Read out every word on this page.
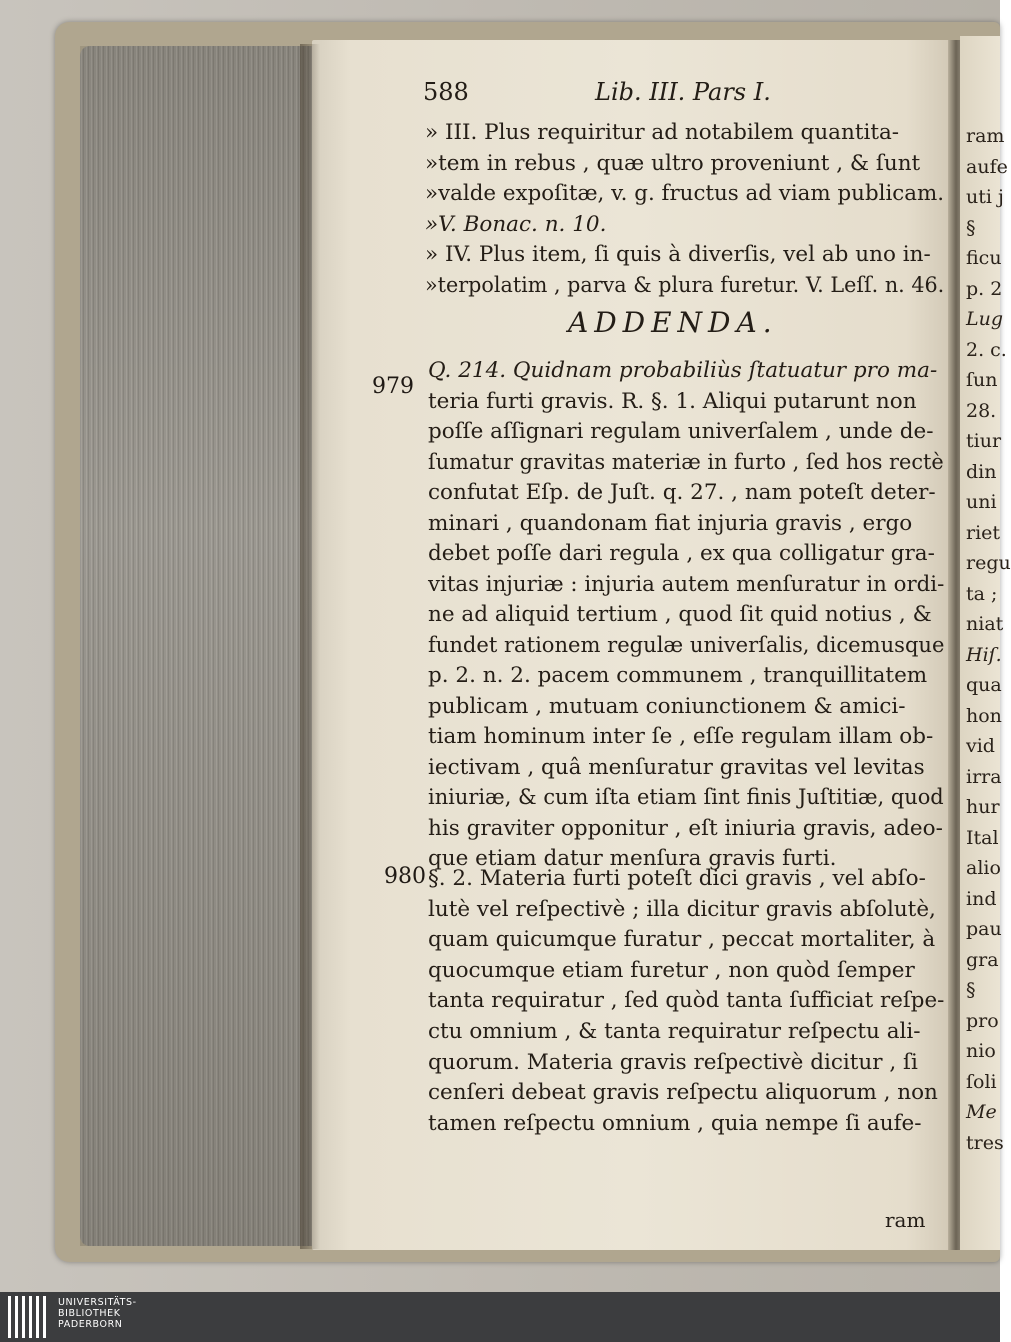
ram
aufe
uti j
§
ficu
p. 2
Lug
2. c.
ſun
28.
tiur
din
uni
riet
regu
ta ;
niat
Hiſ.
qua
hon
vid
irra
hur
Ital
alio
ind
pau
gra
§
pro
nio
ſoli
Me
tres
588	Lib. III. Pars I.
» III. Plus requiritur ad notabilem quantita-
»tem in rebus , quæ ultro proveniunt , & ſunt
»valde expoſitæ, v. g. fructus ad viam publicam.
»V. Bonac. n. 10.
» IV. Plus item, ſi quis à diverſis, vel ab uno in-
»terpolatim , parva & plura furetur. V. Leſſ. n. 46.
Q. 214. Quidnam probabiliùs ſtatuatur pro ma-
teria furti gravis. R. §. 1. Aliqui putarunt non
poſſe aſſignari regulam univerſalem , unde de-
ſumatur gravitas materiæ in furto , ſed hos rectè
confutat Eſp. de Juſt. q. 27. , nam poteſt deter-
minari , quandonam fiat injuria gravis , ergo
debet poſſe dari regula , ex qua colligatur gra-
vitas injuriæ : injuria autem menſuratur in ordi-
ne ad aliquid tertium , quod ſit quid notius , &
fundet rationem regulæ univerſalis, dicemusque
p. 2. n. 2. pacem communem , tranquillitatem
publicam , mutuam coniunctionem & amici-
tiam hominum inter ſe , eſſe regulam illam ob-
iectivam , quâ menſuratur gravitas vel levitas
iniuriæ, & cum iſta etiam ſint finis Juſtitiæ, quod
his graviter opponitur , eſt iniuria gravis, adeo-
que etiam datur menſura gravis furti.
§. 2. Materia furti poteſt dici gravis , vel abſo-
lutè vel reſpectivè ; illa dicitur gravis abſolutè,
quam quicumque furatur , peccat mortaliter, à
quocumque etiam furetur , non quòd ſemper
tanta requiratur , ſed quòd tanta ſufficiat reſpe-
ctu omnium , & tanta requiratur reſpectu ali-
quorum. Materia gravis reſpectivè dicitur , ſi
cenſeri debeat gravis reſpectu aliquorum , non
tamen reſpectu omnium , quia nempe ſi aufe-
ADDENDA.
979
980
ram
UNIVERSITÄTS-
BIBLIOTHEK
PADERBORN
